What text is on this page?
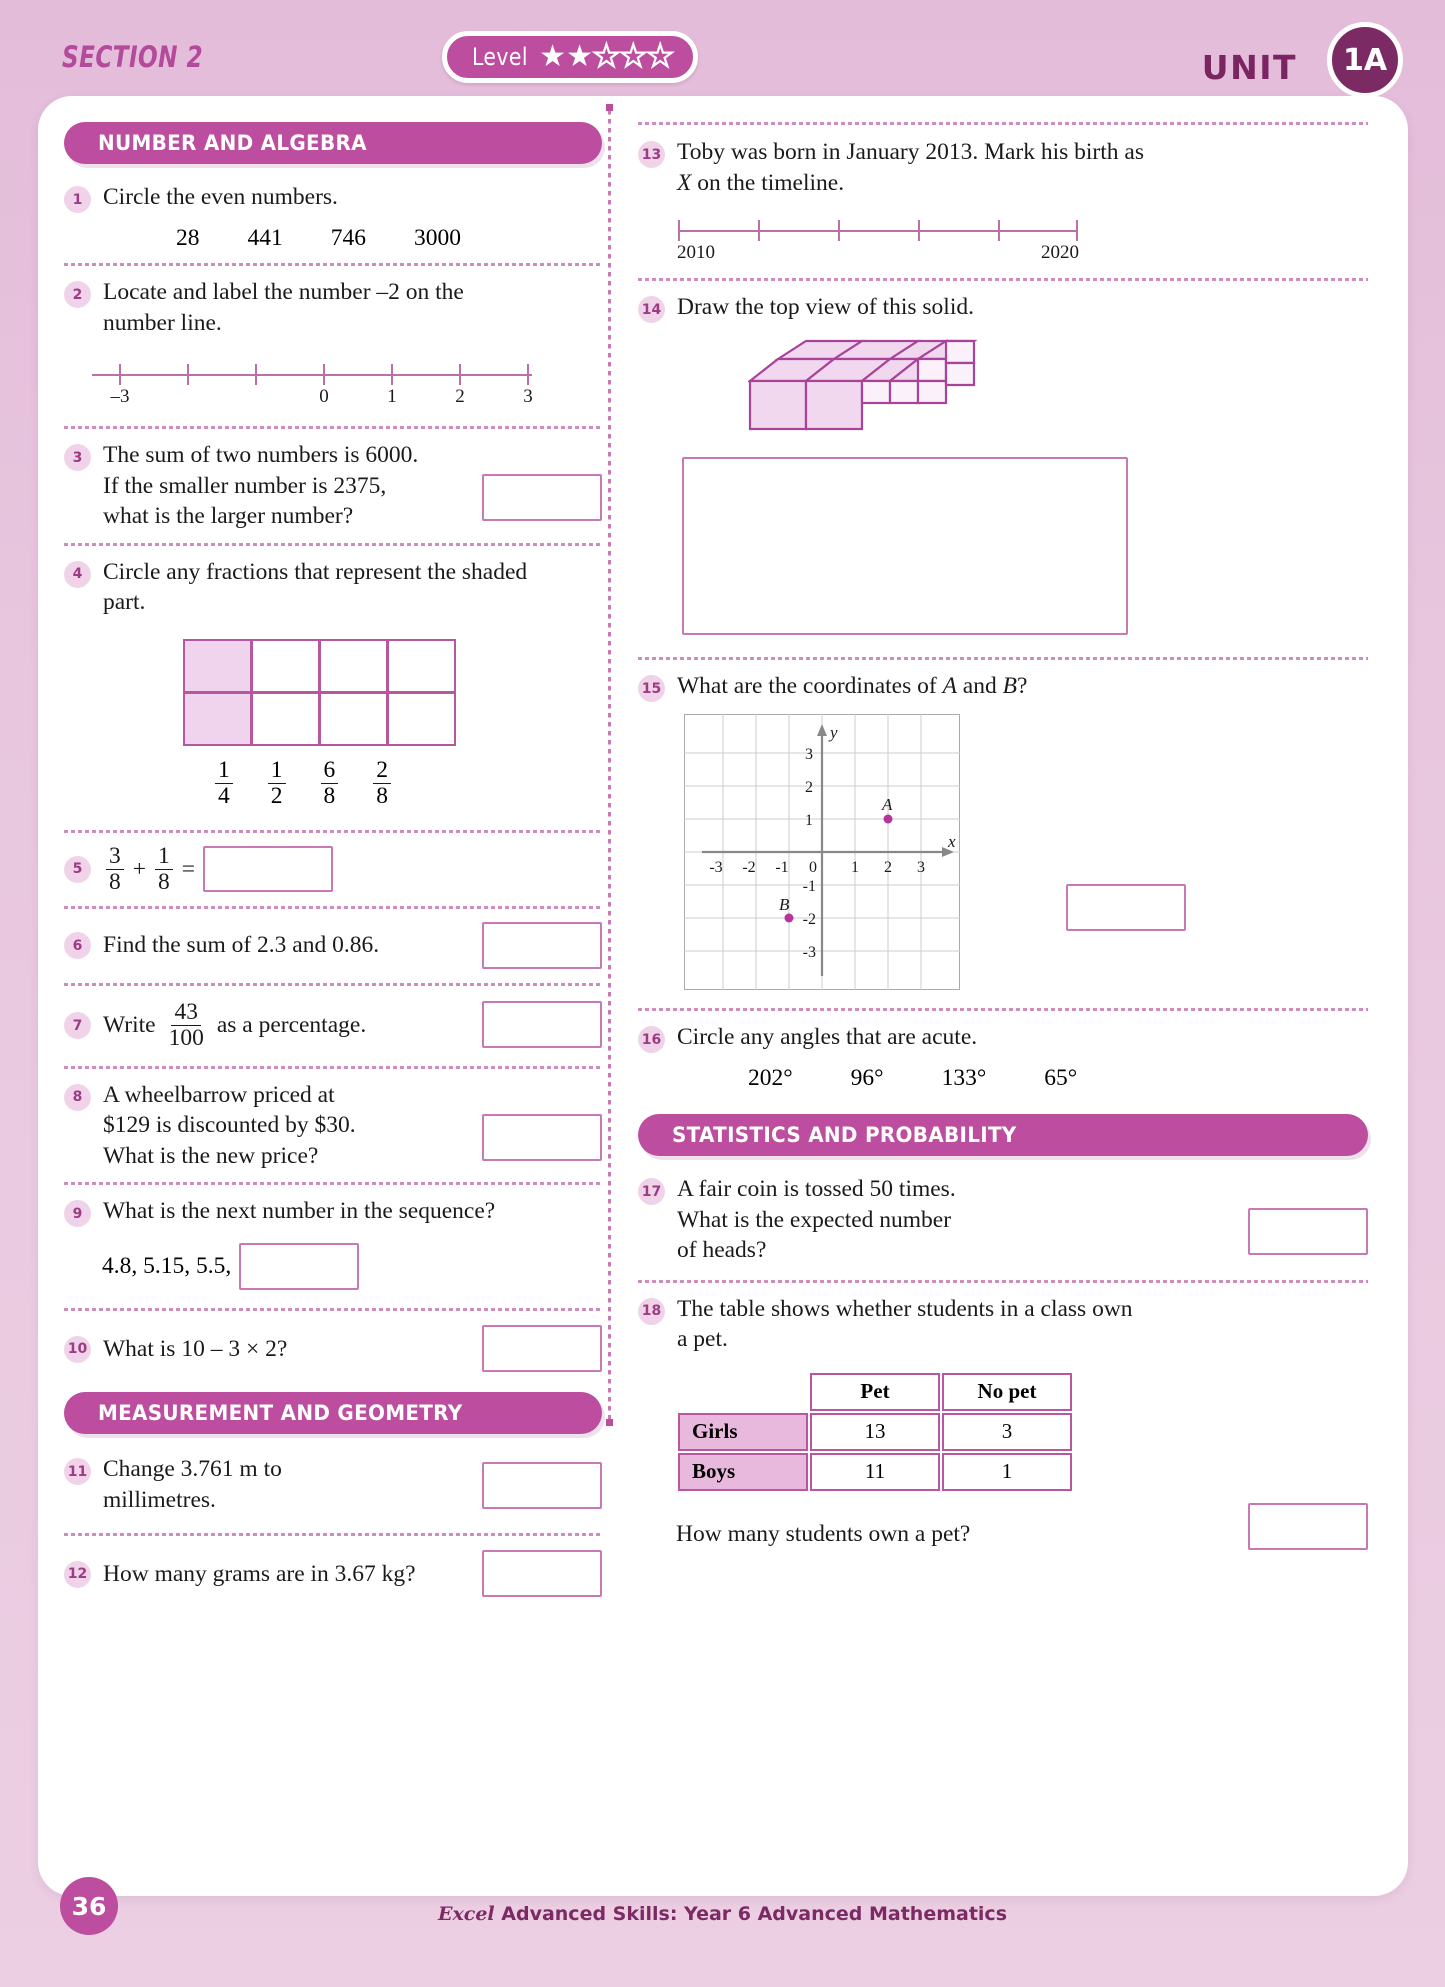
SECTION 2	Level ★ ★ ★ ★ ★	UNIT	1A
NUMBER AND ALGEBRA
1 Circle the even numbers.
28 441 746 3000
2 Locate and label the number –2 on the number line.
–3	0	1	2	3
3 The sum of two numbers is 6000.
If the smaller number is 2375,
what is the larger number?
4 Circle any fractions that represent the shaded
part.
$\frac{1}{4} \frac{1}{2} \frac{6}{8} \frac{2}{8}$
5	$\frac{3}{8} + \frac{1}{8}$ =
6 Find the sum of 2.3 and 0.86.
7 Write $\frac{43}{100}$ as a percentage.
8 A wheelbarrow priced at
$129 is discounted by $30.
What is the new price?
9 What is the next number in the sequence?
4.8, 5.15, 5.5,
10 What is 10 – 3 × 2?
MEASUREMENT AND GEOMETRY
11 Change 3.761 m to
millimetres.
12 How many grams are in 3.67 kg?
13 Toby was born in January 2013. Mark his birth as
X on the timeline.
2010	2020
14 Draw the top view of this solid.
15 What are the coordinates of A and B?
y
x
-3 -2 -1 0 1 2 3
3
2
1
-1
-2
-3
A
B
16 Circle any angles that are acute.
202° 96° 133° 65°
STATISTICS AND PROBABILITY
17 A fair coin is tossed 50 times.
What is the expected number
of heads?
18 The table shows whether students in a class own
a pet.
	Pet	No pet
Girls	13	3
Boys	11	1
How many students own a pet?
36	Excel Advanced Skills: Year 6 Advanced Mathematics
